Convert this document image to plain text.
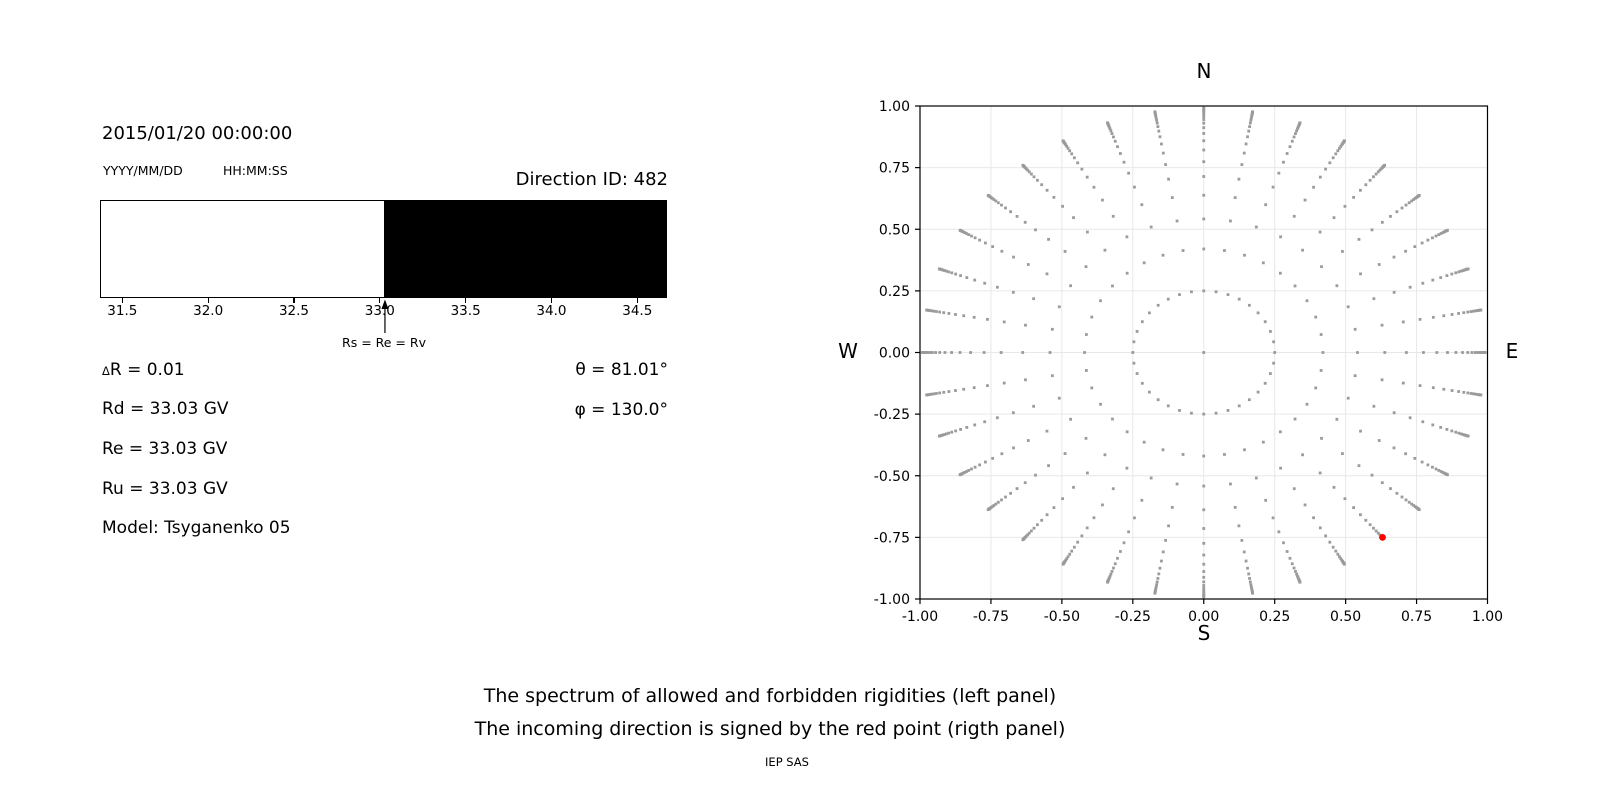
-1.00 -0.75 -0.50 -0.25	0.00	0.25	0.50	0.75	1.00
-1.00
-0.75
-0.50
-0.25
0.00
0.25
0.50
0.75
1.00
2015/01/20 00:00:00
YYYY/MM/DD	HH:MM:SS	Direction ID: 482
Rs = Re = Rv
ΔR = 0.01
Rd = 33.03 GV
Re = 33.03 GV
Ru = 33.03 GV
Model: Tsyganenko 05
θ = 81.01°
φ = 130.0°
N
S
W	E
The spectrum of allowed and forbidden rigidities (left panel)
The incoming direction is signed by the red point (rigth panel)
IEP SAS
31.5	32.0	32.5	33.0	33.5	34.0	34.5
